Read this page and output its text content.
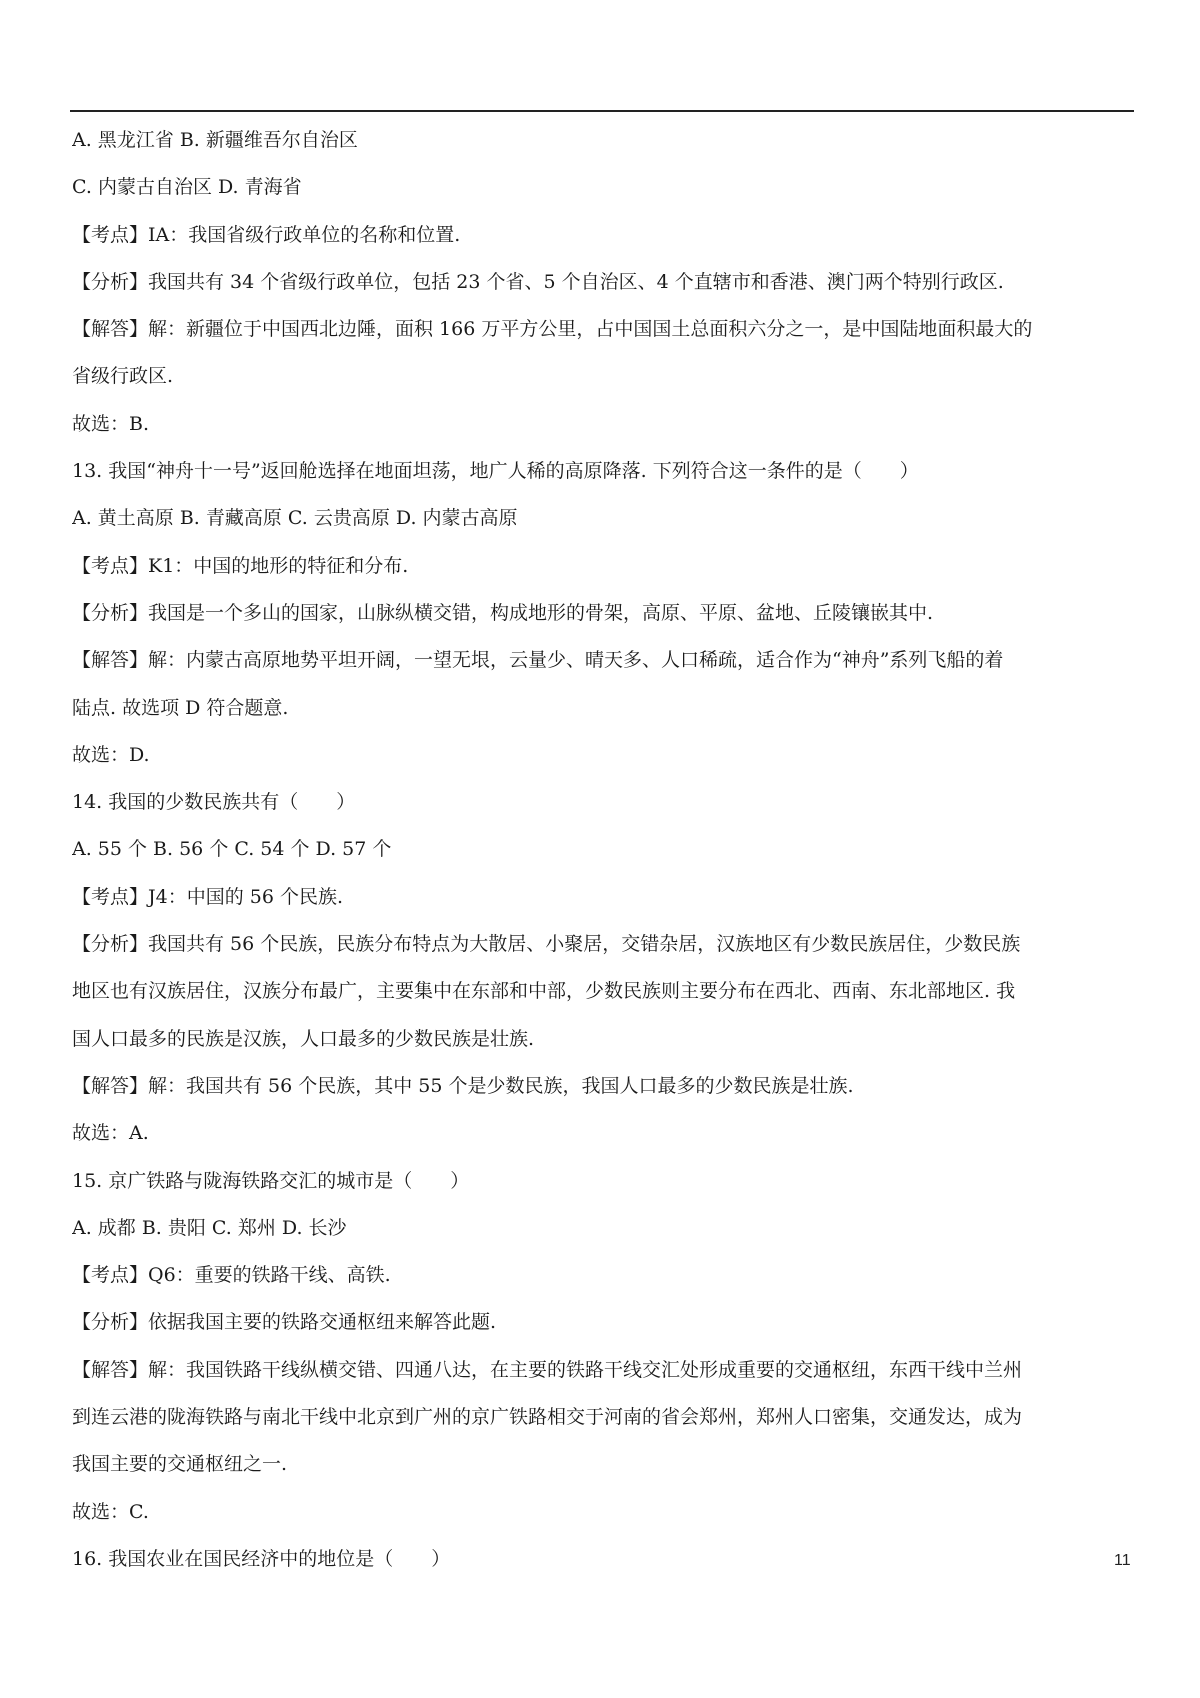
A. 黑龙江省 B. 新疆维吾尔自治区
C. 内蒙古自治区 D. 青海省
【考点】IA：我国省级行政单位的名称和位置.
【分析】我国共有 34 个省级行政单位，包括 23 个省、5 个自治区、4 个直辖市和香港、澳门两个特别行政区.
【解答】解：新疆位于中国西北边陲，面积 166 万平方公里，占中国国土总面积六分之一，是中国陆地面积最大的
省级行政区.
故选：B.
13. 我国“神舟十一号”返回舱选择在地面坦荡，地广人稀的高原降落. 下列符合这一条件的是（　　）
A. 黄土高原 B. 青藏高原 C. 云贵高原 D. 内蒙古高原
【考点】K1：中国的地形的特征和分布.
【分析】我国是一个多山的国家，山脉纵横交错，构成地形的骨架，高原、平原、盆地、丘陵镶嵌其中.
【解答】解：内蒙古高原地势平坦开阔，一望无垠，云量少、晴天多、人口稀疏，适合作为“神舟”系列飞船的着
陆点. 故选项 D 符合题意.
故选：D.
14. 我国的少数民族共有（　　）
A. 55 个 B. 56 个 C. 54 个 D. 57 个
【考点】J4：中国的 56 个民族.
【分析】我国共有 56 个民族，民族分布特点为大散居、小聚居，交错杂居，汉族地区有少数民族居住，少数民族
地区也有汉族居住，汉族分布最广，主要集中在东部和中部，少数民族则主要分布在西北、西南、东北部地区. 我
国人口最多的民族是汉族，人口最多的少数民族是壮族.
【解答】解：我国共有 56 个民族，其中 55 个是少数民族，我国人口最多的少数民族是壮族.
故选：A.
15. 京广铁路与陇海铁路交汇的城市是（　　）
A. 成都 B. 贵阳 C. 郑州 D. 长沙
【考点】Q6：重要的铁路干线、高铁.
【分析】依据我国主要的铁路交通枢纽来解答此题.
【解答】解：我国铁路干线纵横交错、四通八达，在主要的铁路干线交汇处形成重要的交通枢纽，东西干线中兰州
到连云港的陇海铁路与南北干线中北京到广州的京广铁路相交于河南的省会郑州，郑州人口密集，交通发达，成为
我国主要的交通枢纽之一.
故选：C.
16. 我国农业在国民经济中的地位是（　　）	11
